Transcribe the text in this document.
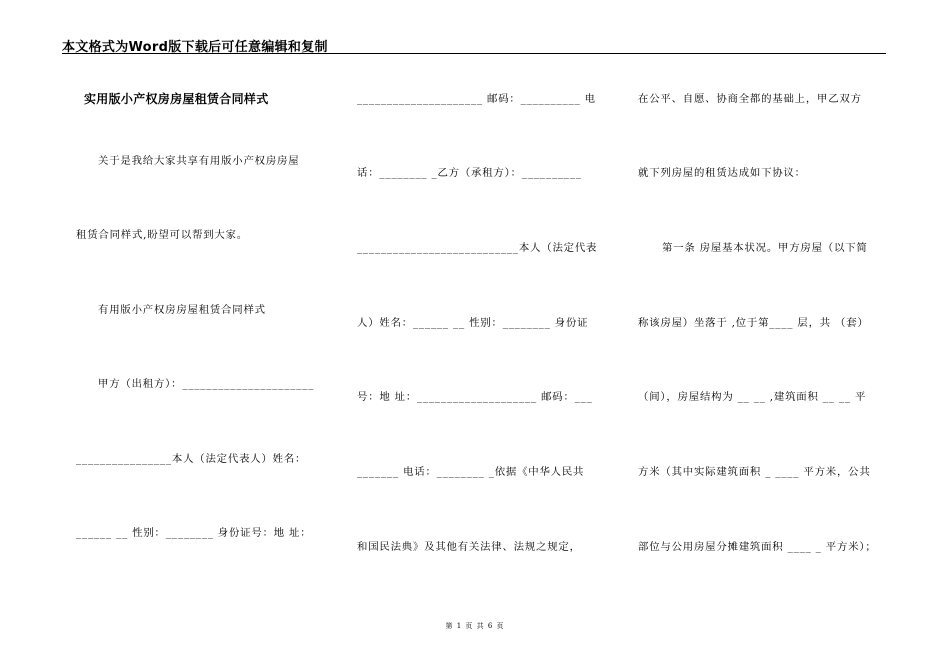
本文格式为Word版下载后可任意编辑和复制
实用版小产权房房屋租赁合同样式
关于是我给大家共享有用版小产权房房屋
租赁合同样式,盼望可以帮到大家。
有用版小产权房房屋租赁合同样式
甲方（出租方）：______________________
________________本人（法定代表人）姓名：
______ __ 性别：________ 身份证号：地 址：
_____________________ 邮码：__________ 电
话：________ _乙方（承租方）：__________
___________________________本人（法定代表
人）姓名：______ __ 性别：________ 身份证
号：地 址：____________________ 邮码：___
_______ 电话：________ _依据《中华人民共
和国民法典》及其他有关法律、法规之规定，
在公平、自愿、协商全都的基础上，甲乙双方
就下列房屋的租赁达成如下协议：
第一条 房屋基本状况。甲方房屋（以下简
称该房屋）坐落于 ,位于第____ 层，共 （套）
（间），房屋结构为 __ __ ,建筑面积 __ __ 平
方米（其中实际建筑面积 _ ____ 平方米，公共
部位与公用房屋分摊建筑面积 ____ _ 平方米）；
第 1 页 共 6 页
